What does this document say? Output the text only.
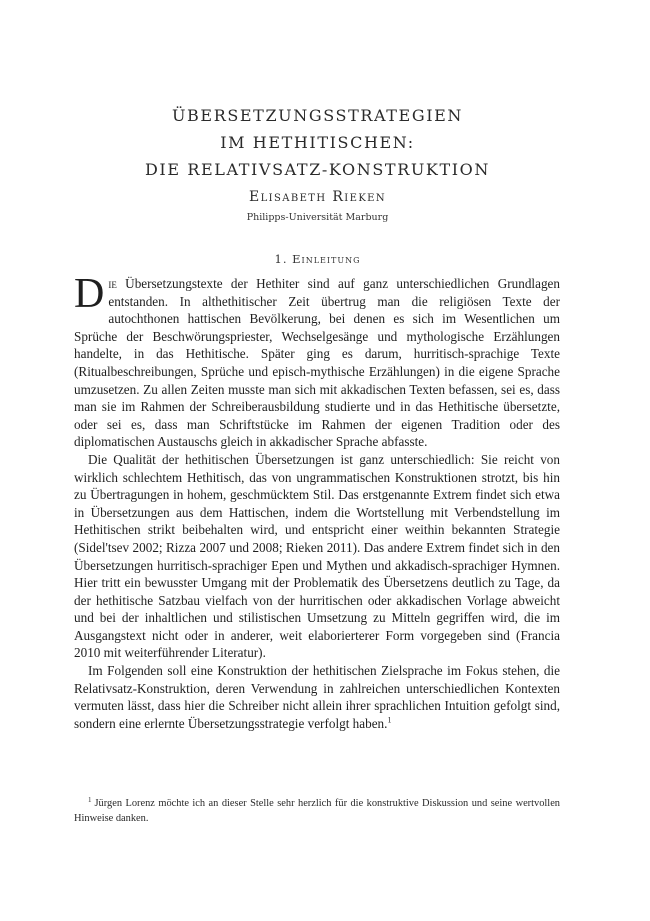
ÜBERSETZUNGSSTRATEGIEN
IM HETHITISCHEN:
DIE RELATIVSATZ-KONSTRUKTION
Elisabeth Rieken
Philipps-Universität Marburg
1. Einleitung

Die Übersetzungstexte der Hethiter sind auf ganz unterschiedlichen Grundlagen entstanden. In althethitischer Zeit übertrug man die religiösen Texte der autochthonen hattischen Bevölkerung, bei denen es sich im Wesentlichen um Sprüche der Beschwörungspriester, Wechselgesänge und mythologische Erzählungen handelte, in das Hethitische. Später ging es darum, hurritisch-sprachige Texte (Ritualbeschreibungen, Sprüche und episch-mythische Erzählungen) in die eigene Sprache umzusetzen. Zu allen Zeiten musste man sich mit akkadischen Texten befassen, sei es, dass man sie im Rahmen der Schreiberausbildung studierte und in das Hethitische übersetzte, oder sei es, dass man Schriftstücke im Rahmen der eigenen Tradition oder des diplomatischen Austauschs gleich in akkadischer Sprache abfasste.

Die Qualität der hethitischen Übersetzungen ist ganz unterschiedlich: Sie reicht von wirklich schlechtem Hethitisch, das von ungrammatischen Konstruktionen strotzt, bis hin zu Übertragungen in hohem, geschmücktem Stil. Das erstgenannte Extrem findet sich etwa in Übersetzungen aus dem Hattischen, indem die Wortstellung mit Verbendstellung im Hethitischen strikt beibehalten wird, und entspricht einer weithin bekannten Strategie (Sidel'tsev 2002; Rizza 2007 und 2008; Rieken 2011). Das andere Extrem findet sich in den Übersetzungen hurritisch-sprachiger Epen und Mythen und akkadisch-sprachiger Hymnen. Hier tritt ein bewusster Umgang mit der Problematik des Übersetzens deutlich zu Tage, da der hethitische Satzbau vielfach von der hurritischen oder akkadischen Vorlage abweicht und bei der inhaltlichen und stilistischen Umsetzung zu Mitteln gegriffen wird, die im Ausgangstext nicht oder in anderer, weit elaborierterer Form vorgegeben sind (Francia 2010 mit weiterführender Literatur).

Im Folgenden soll eine Konstruktion der hethitischen Zielsprache im Fokus stehen, die Relativsatz-Konstruktion, deren Verwendung in zahlreichen unterschiedlichen Kontexten vermuten lässt, dass hier die Schreiber nicht allein ihrer sprachlichen Intuition gefolgt sind, sondern eine erlernte Übersetzungsstrategie verfolgt haben.$^1$

$^1$ Jürgen Lorenz möchte ich an dieser Stelle sehr herzlich für die konstruktive Diskussion und seine wertvollen Hinweise danken.
